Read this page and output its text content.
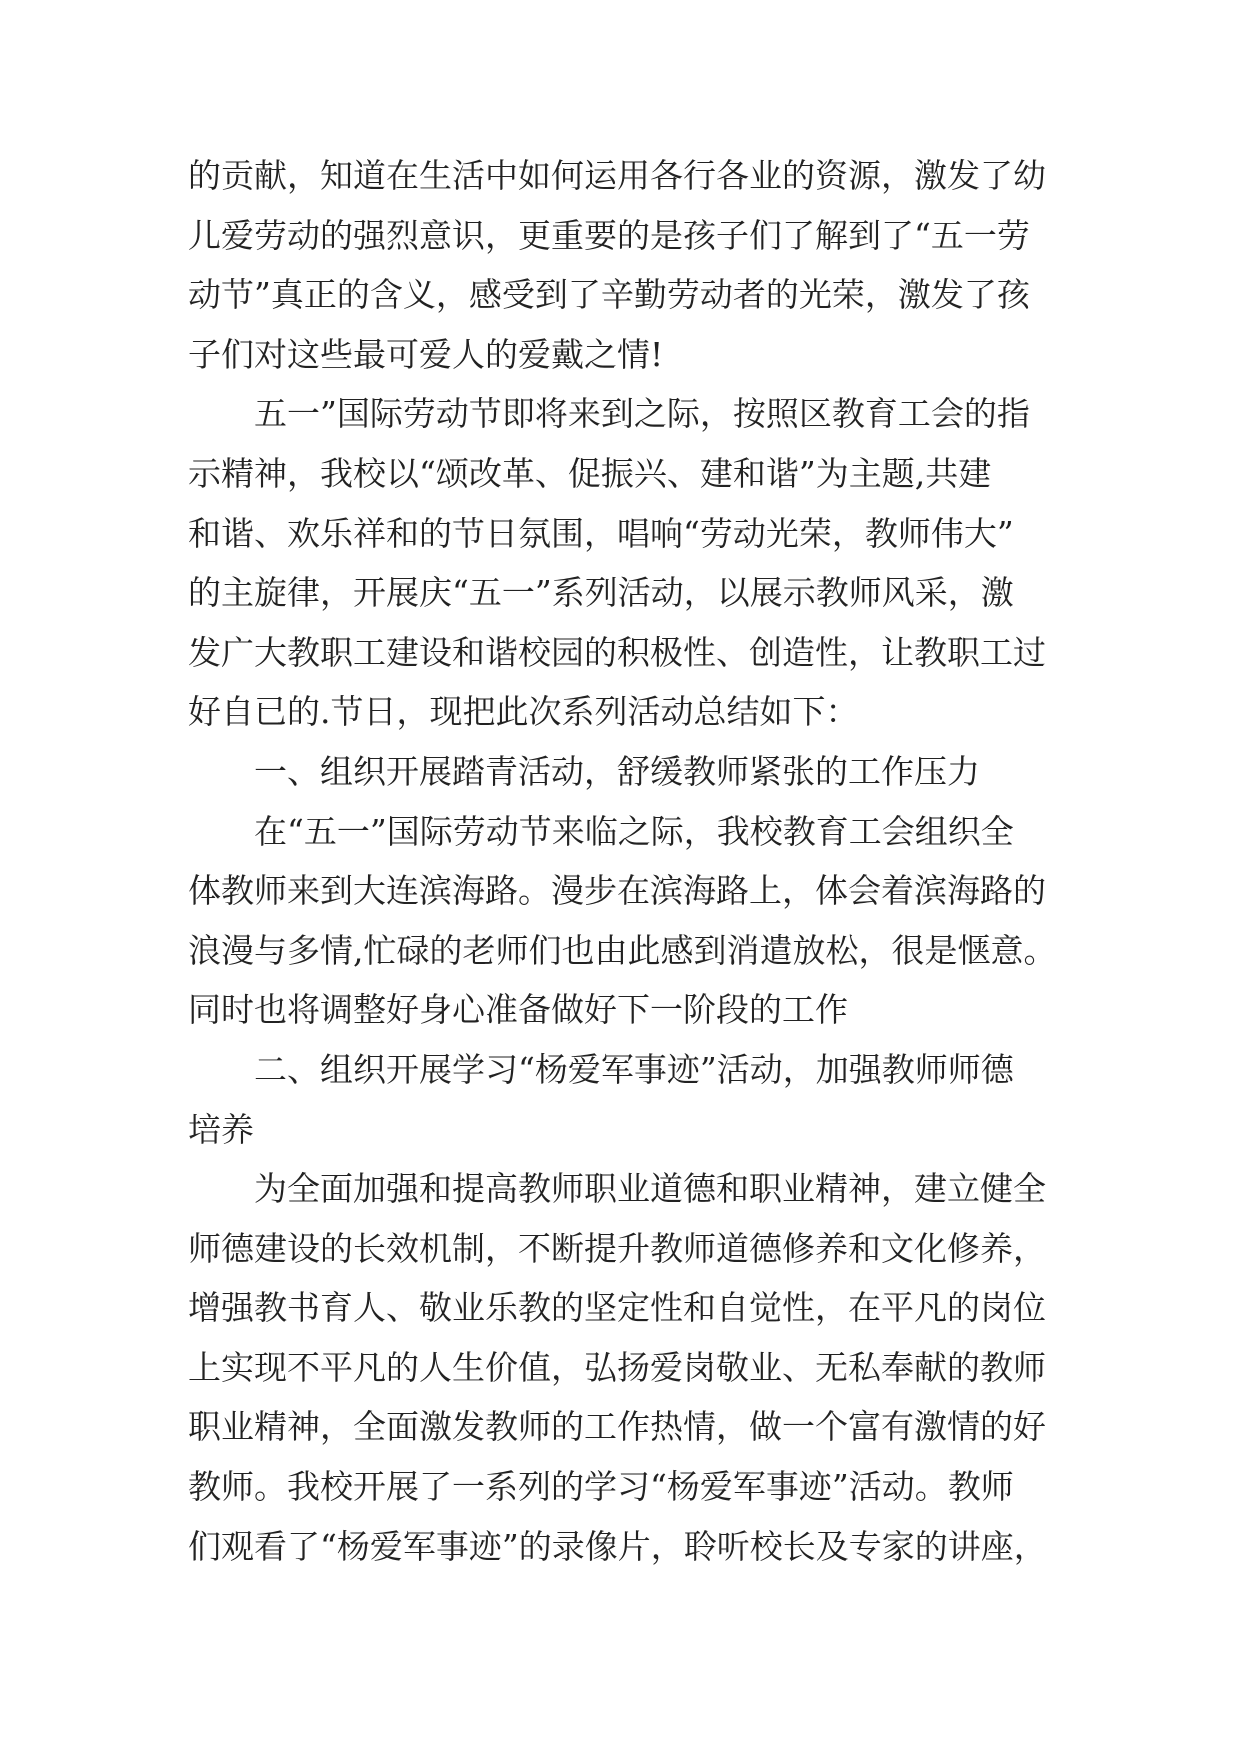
的贡献，知道在生活中如何运用各行各业的资源，激发了幼
儿爱劳动的强烈意识，更重要的是孩子们了解到了“五一劳
动节”真正的含义，感受到了辛勤劳动者的光荣，激发了孩
子们对这些最可爱人的爱戴之情!
五一”国际劳动节即将来到之际，按照区教育工会的指
示精神，我校以“颂改革、促振兴、建和谐”为主题,共建
和谐、欢乐祥和的节日氛围，唱响“劳动光荣，教师伟大”
的主旋律，开展庆“五一”系列活动，以展示教师风采，激
发广大教职工建设和谐校园的积极性、创造性，让教职工过
好自已的.节日，现把此次系列活动总结如下：
一、组织开展踏青活动，舒缓教师紧张的工作压力
在“五一”国际劳动节来临之际，我校教育工会组织全
体教师来到大连滨海路。漫步在滨海路上，体会着滨海路的
浪漫与多情,忙碌的老师们也由此感到消遣放松，很是惬意。
同时也将调整好身心准备做好下一阶段的工作
二、组织开展学习“杨爱军事迹”活动，加强教师师德
培养
为全面加强和提高教师职业道德和职业精神，建立健全
师德建设的长效机制，不断提升教师道德修养和文化修养，
增强教书育人、敬业乐教的坚定性和自觉性，在平凡的岗位
上实现不平凡的人生价值，弘扬爱岗敬业、无私奉献的教师
职业精神，全面激发教师的工作热情，做一个富有激情的好
教师。我校开展了一系列的学习“杨爱军事迹”活动。教师
们观看了“杨爱军事迹”的录像片，聆听校长及专家的讲座，
